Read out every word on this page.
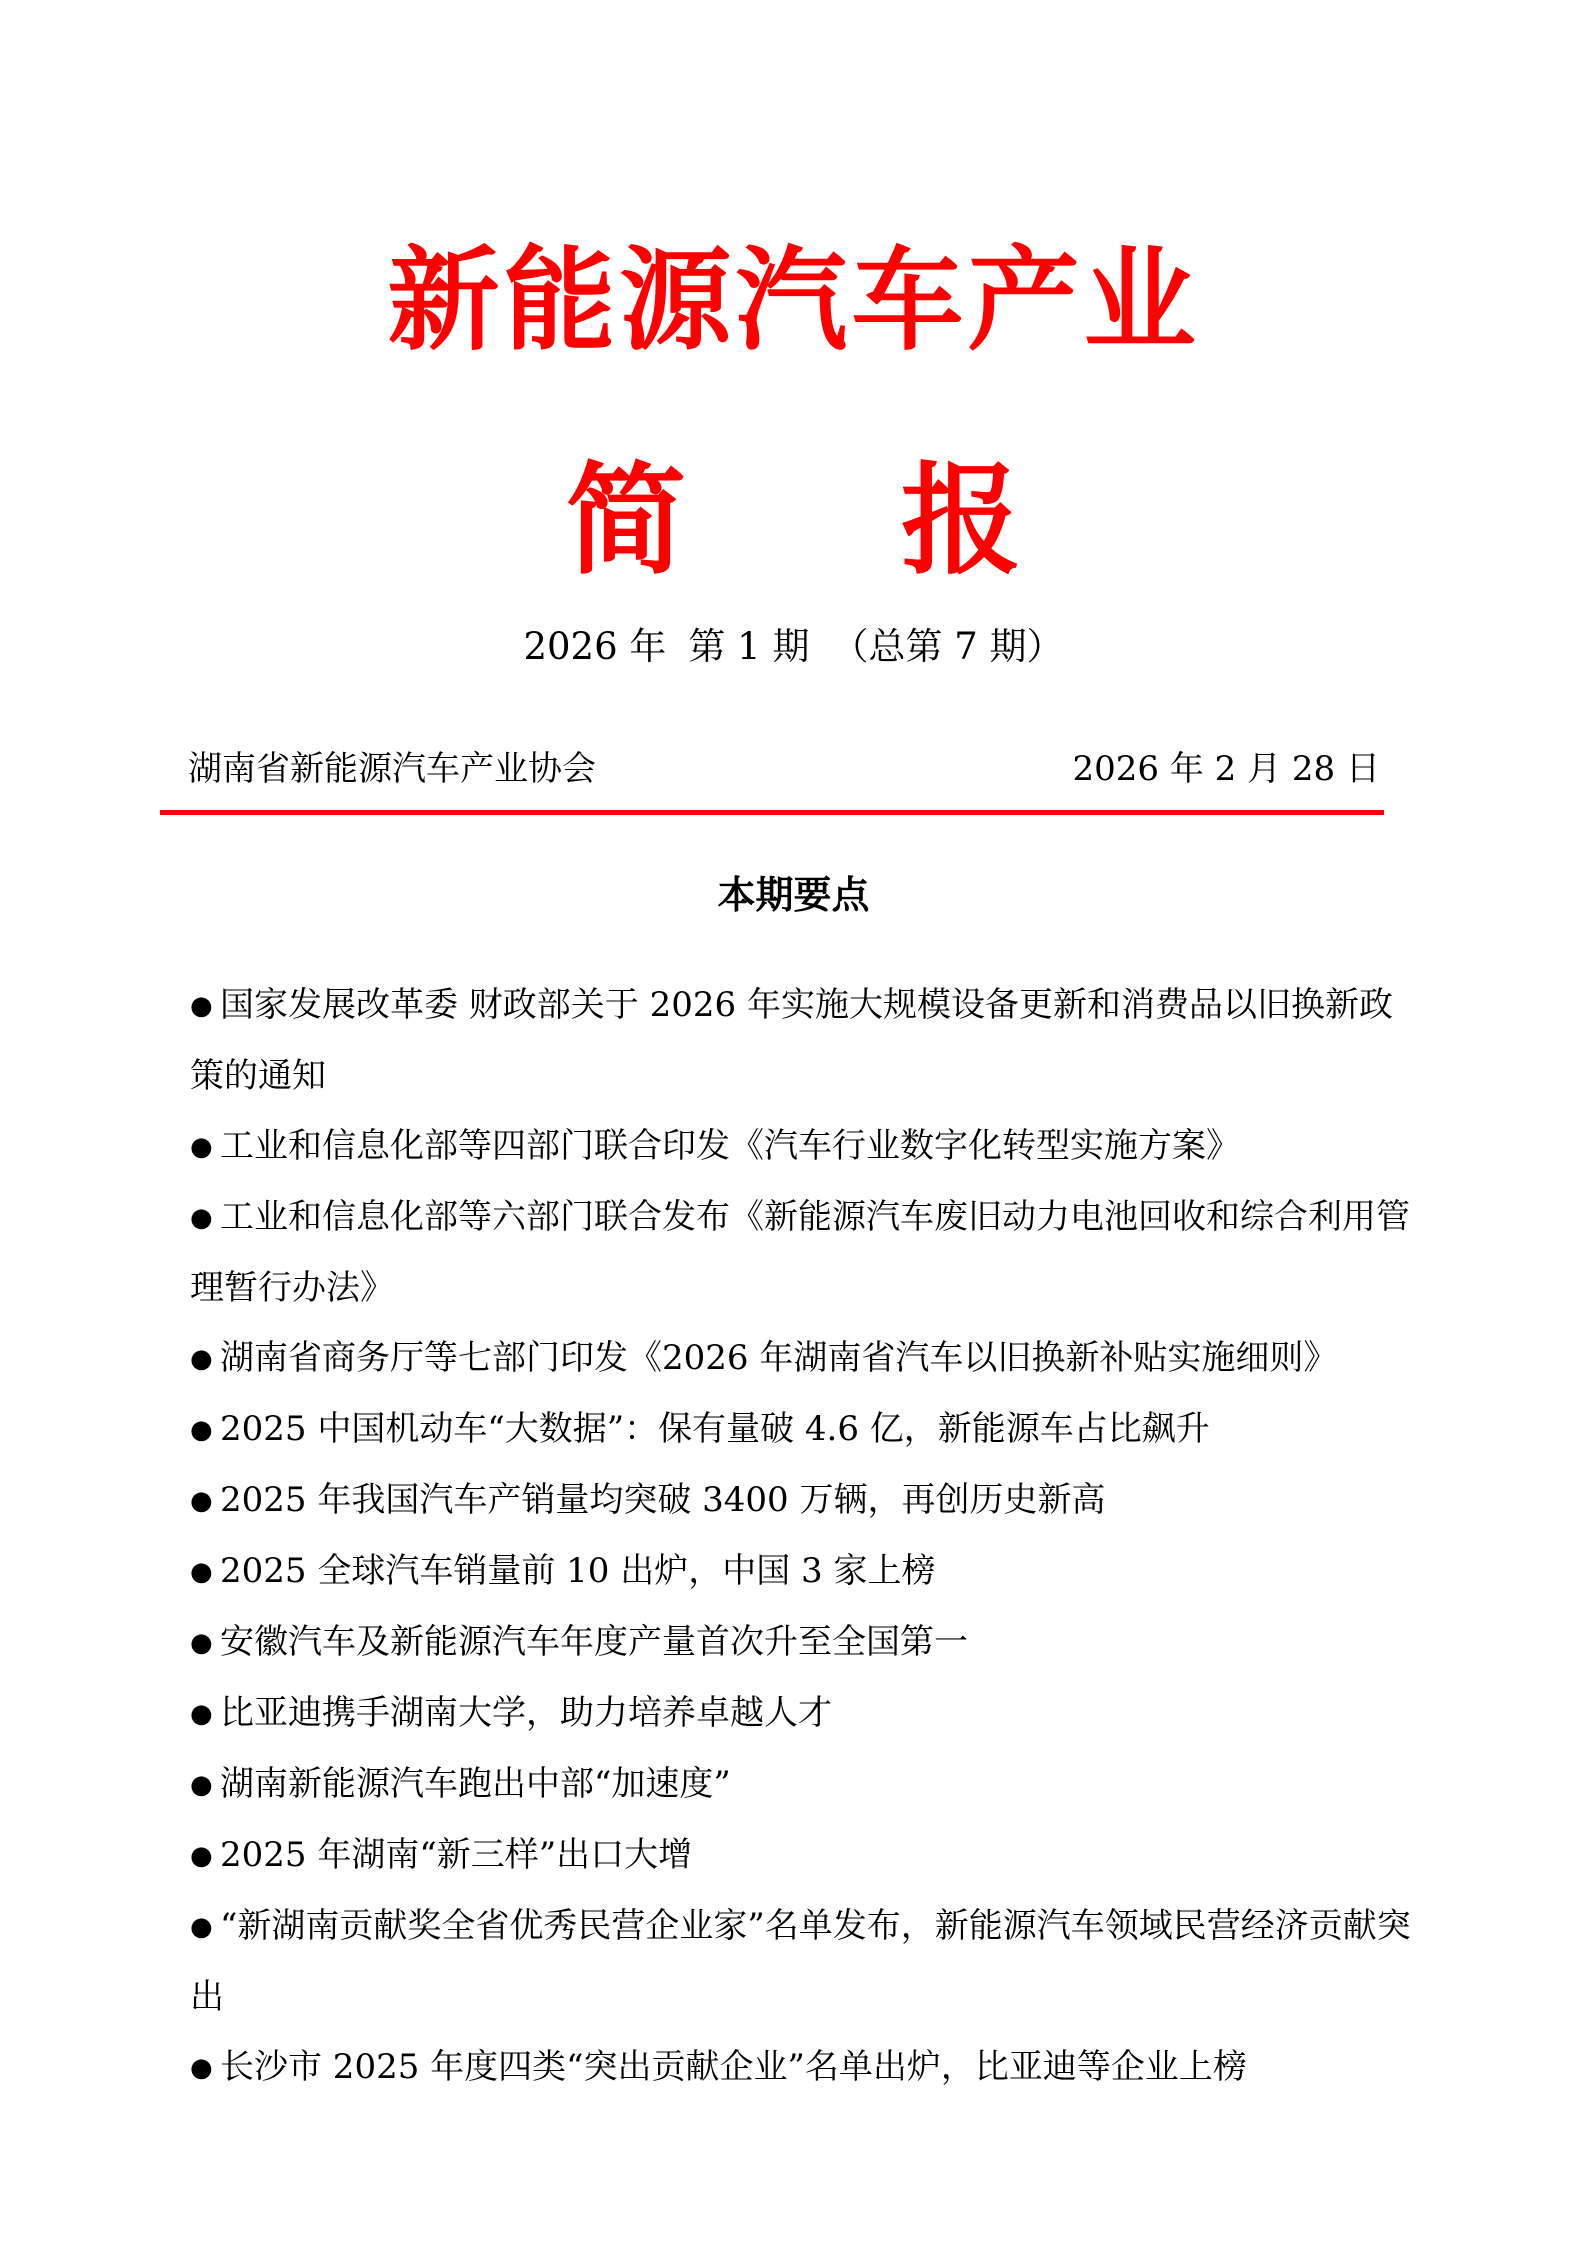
新能源汽车产业
简 报
2026 年 第 1 期 （总第 7 期）
湖南省新能源汽车产业协会	2026 年 2 月 28 日
本期要点
● 国家发展改革委 财政部关于 2026 年实施大规模设备更新和消费品以旧换新政策的通知
● 工业和信息化部等四部门联合印发《汽车行业数字化转型实施方案》
● 工业和信息化部等六部门联合发布《新能源汽车废旧动力电池回收和综合利用管理暂行办法》
● 湖南省商务厅等七部门印发《2026 年湖南省汽车以旧换新补贴实施细则》
● 2025 中国机动车“大数据”：保有量破 4.6 亿，新能源车占比飙升
● 2025 年我国汽车产销量均突破 3400 万辆，再创历史新高
● 2025 全球汽车销量前 10 出炉，中国 3 家上榜
● 安徽汽车及新能源汽车年度产量首次升至全国第一
● 比亚迪携手湖南大学，助力培养卓越人才
● 湖南新能源汽车跑出中部“加速度”
● 2025 年湖南“新三样”出口大增
● “新湖南贡献奖全省优秀民营企业家”名单发布，新能源汽车领域民营经济贡献突出
● 长沙市 2025 年度四类“突出贡献企业”名单出炉，比亚迪等企业上榜
